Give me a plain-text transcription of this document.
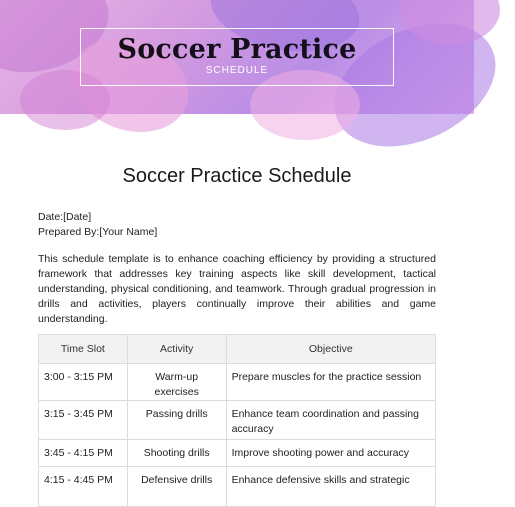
Soccer Practice
SCHEDULE
Soccer Practice Schedule
Date:[Date]
Prepared By:[Your Name]
This schedule template is to enhance coaching efficiency by providing a structured framework that addresses key training aspects like skill development, tactical understanding, physical conditioning, and teamwork. Through gradual progression in drills and activities, players continually improve their abilities and game understanding.
Time Slot	Activity	Objective
3:00 - 3:15 PM	Warm-up exercises	Prepare muscles for the practice session
3:15 - 3:45 PM	Passing drills	Enhance team coordination and passing accuracy
3:45 - 4:15 PM	Shooting drills	Improve shooting power and accuracy
4:15 - 4:45 PM	Defensive drills	Enhance defensive skills and strategic
